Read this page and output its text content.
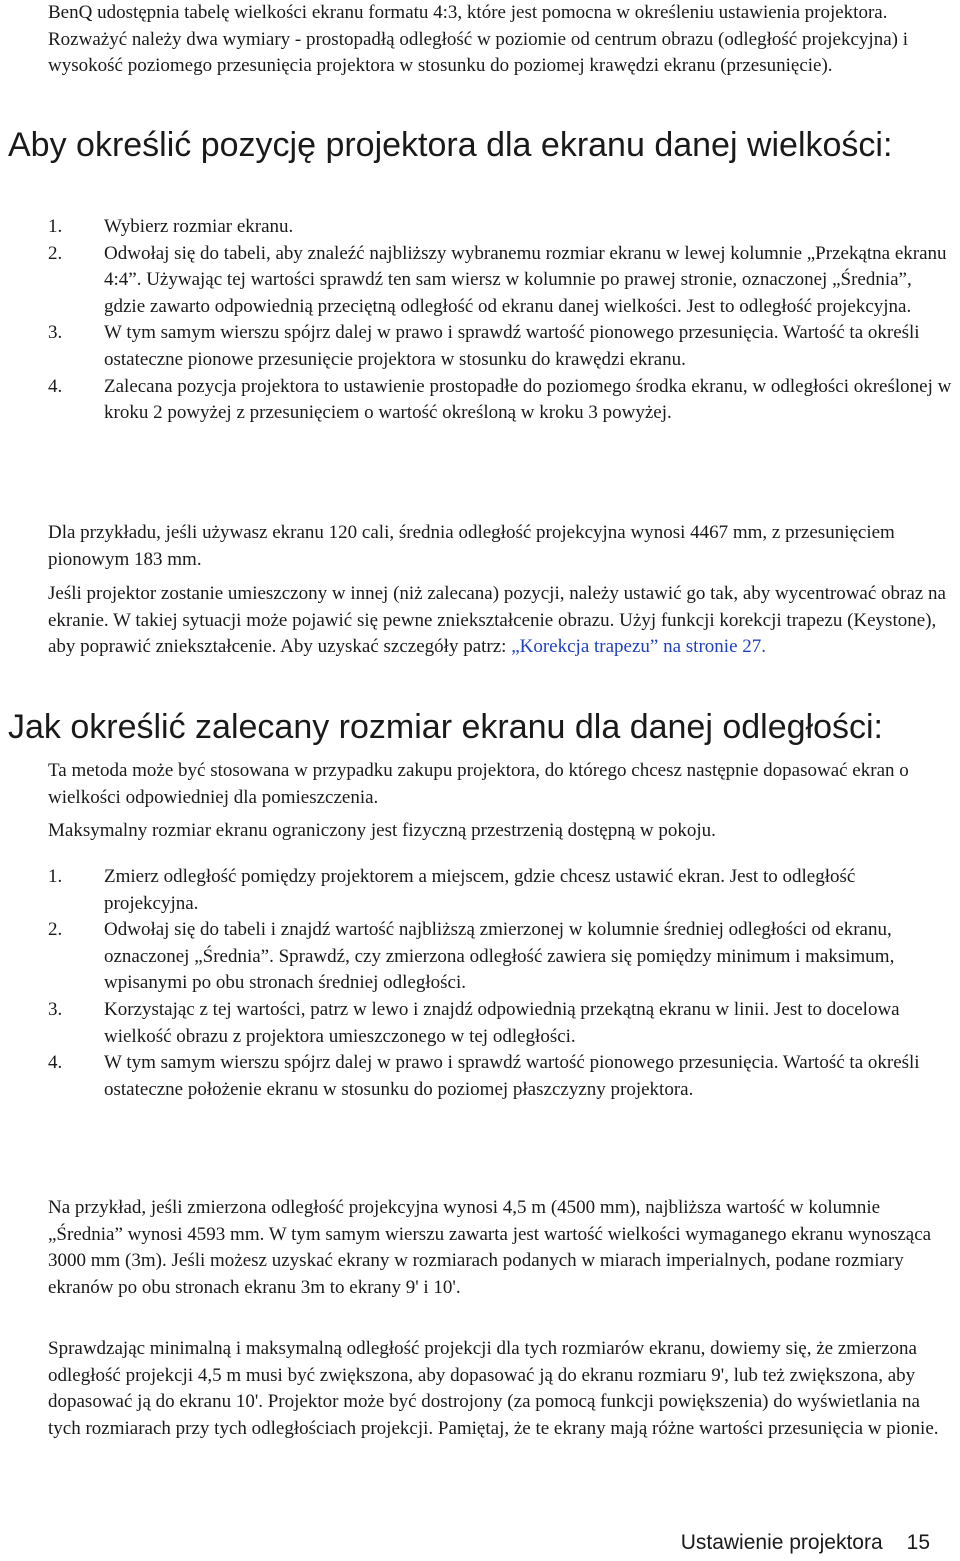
BenQ udostępnia tabelę wielkości ekranu formatu 4:3, które jest pomocna w określeniu ustawienia projektora. Rozważyć należy dwa wymiary - prostopadłą odległość w poziomie od centrum obrazu (odległość projekcyjna) i wysokość poziomego przesunięcia projektora w stosunku do poziomej krawędzi ekranu (przesunięcie).

Aby określić pozycję projektora dla ekranu danej wielkości:
1.	Wybierz rozmiar ekranu.
2.	Odwołaj się do tabeli, aby znaleźć najbliższy wybranemu rozmiar ekranu w lewej kolumnie „Przekątna ekranu 4:4”. Używając tej wartości sprawdź ten sam wiersz w kolumnie po prawej stronie, oznaczonej „Średnia”, gdzie zawarto odpowiednią przeciętną odległość od ekranu danej wielkości. Jest to odległość projekcyjna.
3.	W tym samym wierszu spójrz dalej w prawo i sprawdź wartość pionowego przesunięcia. Wartość ta określi ostateczne pionowe przesunięcie projektora w stosunku do krawędzi ekranu.
4.	Zalecana pozycja projektora to ustawienie prostopadłe do poziomego środka ekranu, w odległości określonej w kroku 2 powyżej z przesunięciem o wartość określoną w kroku 3 powyżej.

Dla przykładu, jeśli używasz ekranu 120 cali, średnia odległość projekcyjna wynosi 4467 mm, z przesunięciem pionowym 183 mm.

Jeśli projektor zostanie umieszczony w innej (niż zalecana) pozycji, należy ustawić go tak, aby wycentrować obraz na ekranie. W takiej sytuacji może pojawić się pewne zniekształcenie obrazu. Użyj funkcji korekcji trapezu (Keystone), aby poprawić zniekształcenie. Aby uzyskać szczegóły patrz: „Korekcja trapezu” na stronie 27.

Jak określić zalecany rozmiar ekranu dla danej odległości:

Ta metoda może być stosowana w przypadku zakupu projektora, do którego chcesz następnie dopasować ekran o wielkości odpowiedniej dla pomieszczenia.

Maksymalny rozmiar ekranu ograniczony jest fizyczną przestrzenią dostępną w pokoju.

1.	Zmierz odległość pomiędzy projektorem a miejscem, gdzie chcesz ustawić ekran. Jest to odległość projekcyjna.
2.	Odwołaj się do tabeli i znajdź wartość najbliższą zmierzonej w kolumnie średniej odległości od ekranu, oznaczonej „Średnia”. Sprawdź, czy zmierzona odległość zawiera się pomiędzy minimum i maksimum, wpisanymi po obu stronach średniej odległości.
3.	Korzystając z tej wartości, patrz w lewo i znajdź odpowiednią przekątną ekranu w linii. Jest to docelowa wielkość obrazu z projektora umieszczonego w tej odległości.
4.	W tym samym wierszu spójrz dalej w prawo i sprawdź wartość pionowego przesunięcia. Wartość ta określi ostateczne położenie ekranu w stosunku do poziomej płaszczyzny projektora.

Na przykład, jeśli zmierzona odległość projekcyjna wynosi 4,5 m (4500 mm), najbliższa wartość w kolumnie „Średnia” wynosi 4593 mm. W tym samym wierszu zawarta jest wartość wielkości wymaganego ekranu wynosząca 3000 mm (3m). Jeśli możesz uzyskać ekrany w rozmiarach podanych w miarach imperialnych, podane rozmiary ekranów po obu stronach ekranu 3m to ekrany 9' i 10'.

Sprawdzając minimalną i maksymalną odległość projekcji dla tych rozmiarów ekranu, dowiemy się, że zmierzona odległość projekcji 4,5 m musi być zwiększona, aby dopasować ją do ekranu rozmiaru 9', lub też zwiększona, aby dopasować ją do ekranu 10'. Projektor może być dostrojony (za pomocą funkcji powiększenia) do wyświetlania na tych rozmiarach przy tych odległościach projekcji. Pamiętaj, że te ekrany mają różne wartości przesunięcia w pionie.

Ustawienie projektora 15
